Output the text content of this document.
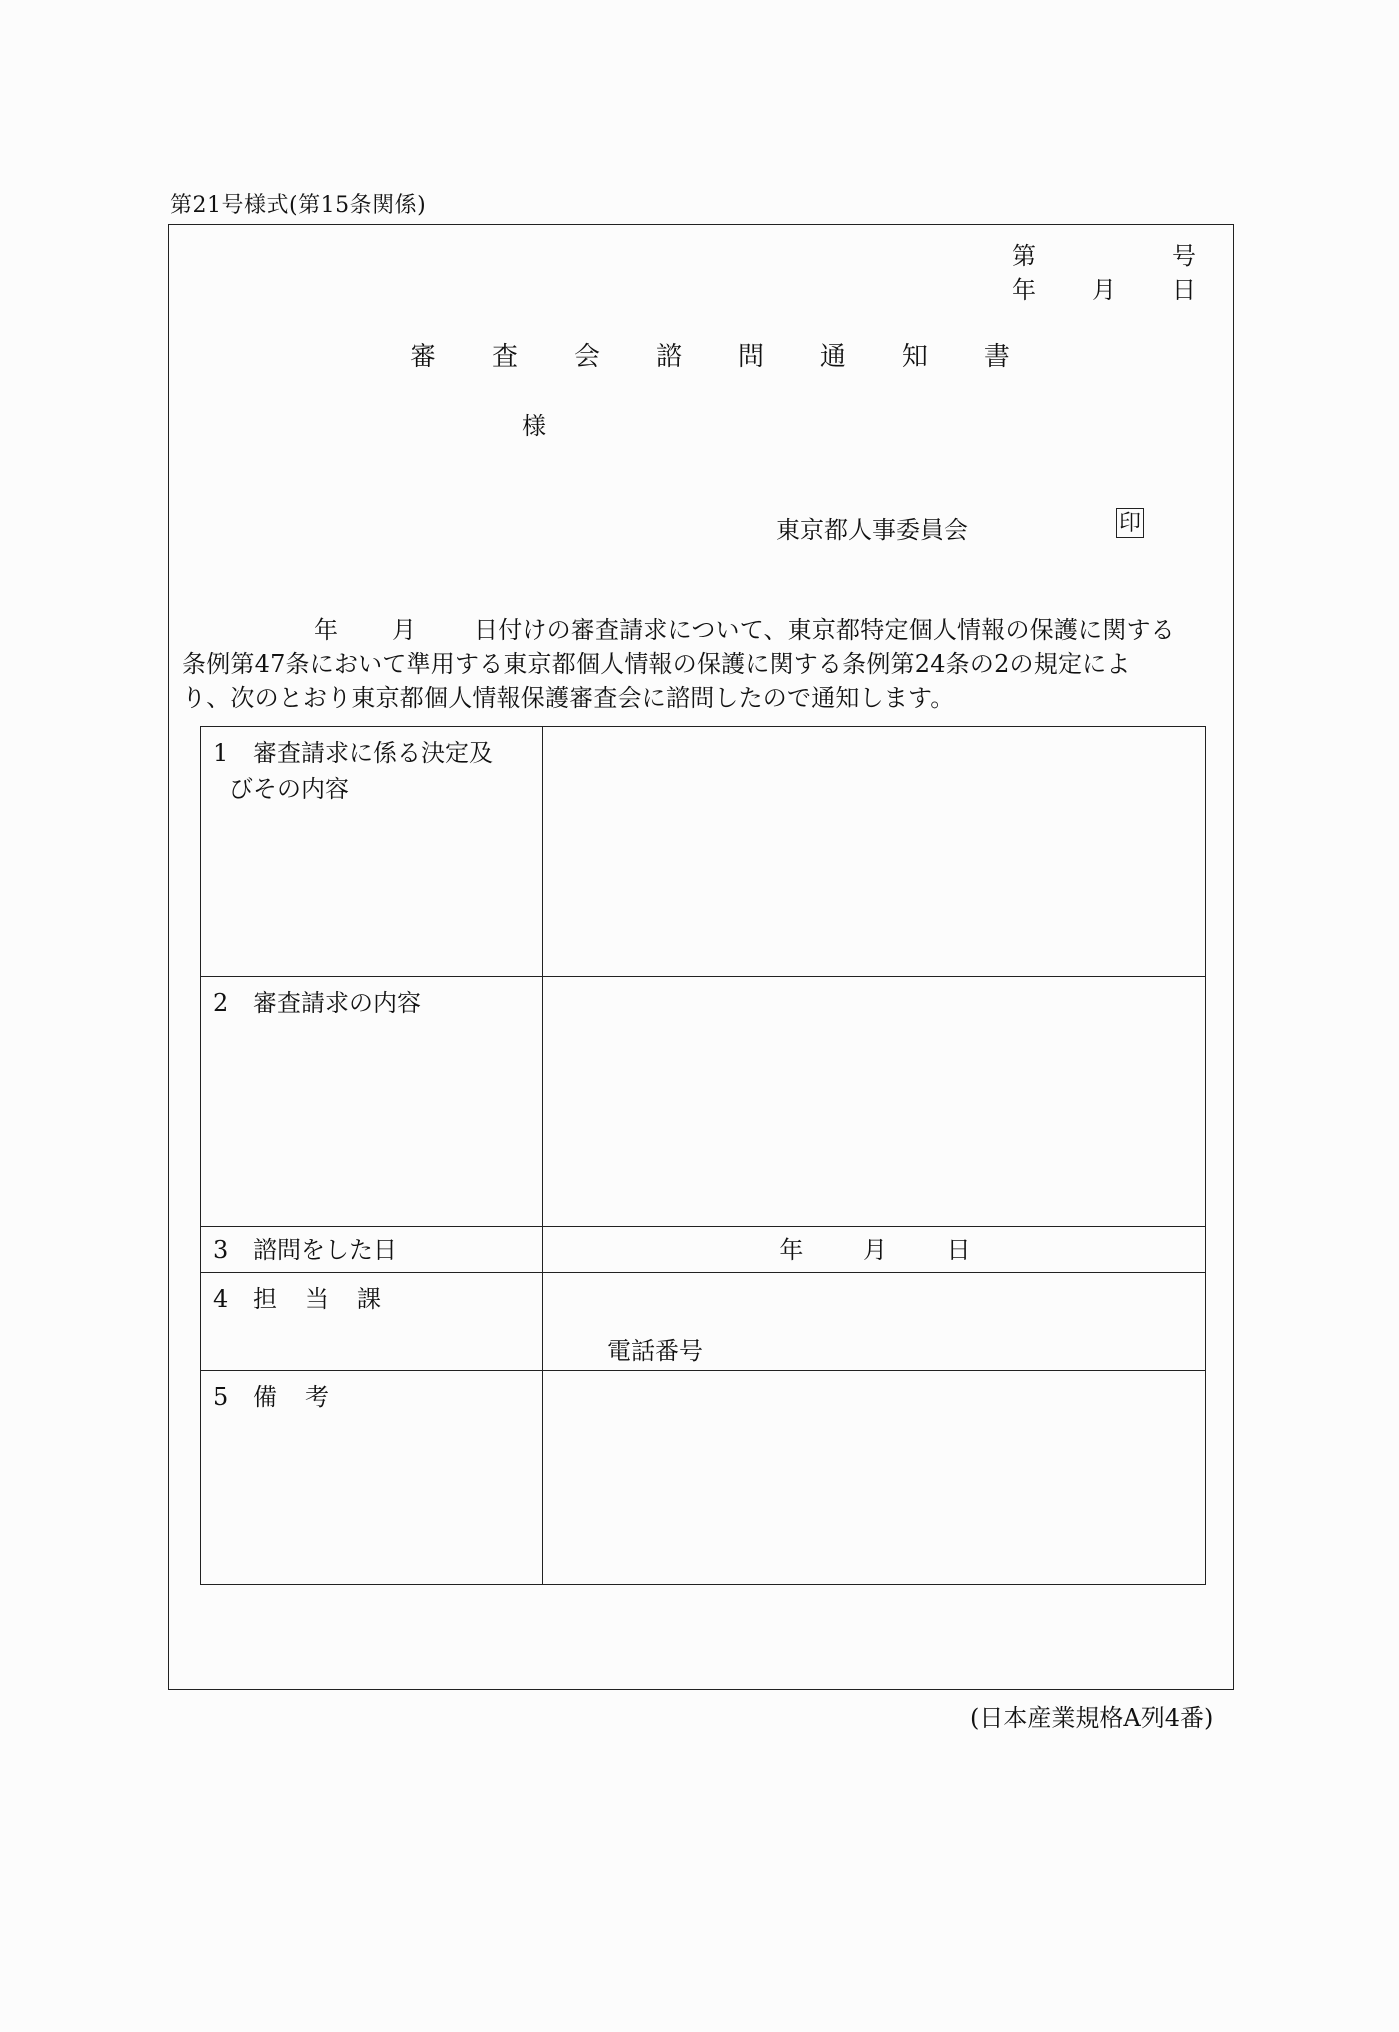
第21号様式(第15条関係)
第	号
年 月 日
審 査 会 諮 問 通 知 書
様
東京都人事委員会	印
年 月 日付けの審査請求について、東京都特定個人情報の保護に関する
条例第47条において準用する東京都個人情報の保護に関する条例第24条の2の規定によ
り、次のとおり東京都個人情報保護審査会に諮問したので通知します。
1 審査請求に係る決定及
びその内容	

2 審査請求の内容	
3 諮問をした日	年 月 日

4 担 当 課	電話番号

5 備 考	
(日本産業規格A列4番)
